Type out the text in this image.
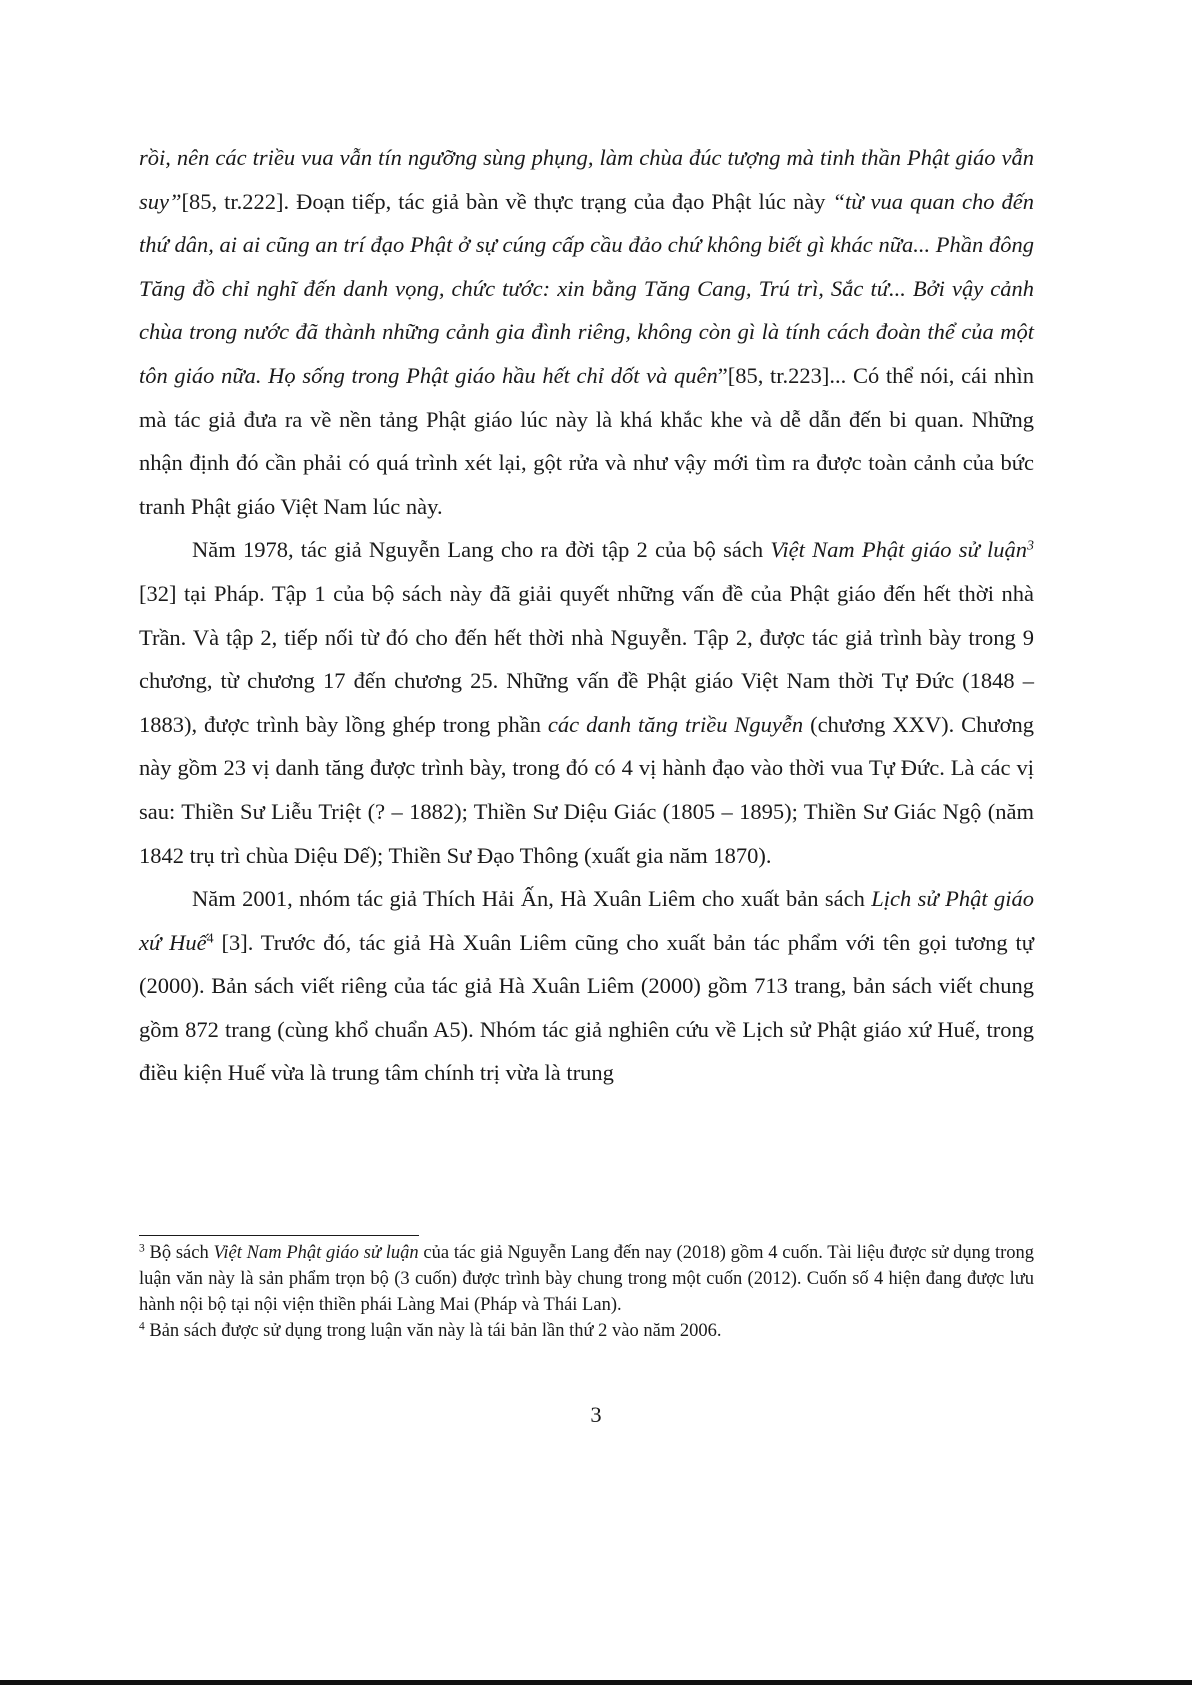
rồi, nên các triều vua vẫn tín ngưỡng sùng phụng, làm chùa đúc tượng mà tinh thần Phật giáo vẫn suy”[85, tr.222]. Đoạn tiếp, tác giả bàn về thực trạng của đạo Phật lúc này “từ vua quan cho đến thứ dân, ai ai cũng an trí đạo Phật ở sự cúng cấp cầu đảo chứ không biết gì khác nữa... Phần đông Tăng đồ chỉ nghĩ đến danh vọng, chức tước: xin bằng Tăng Cang, Trú trì, Sắc tứ... Bởi vậy cảnh chùa trong nước đã thành những cảnh gia đình riêng, không còn gì là tính cách đoàn thể của một tôn giáo nữa. Họ sống trong Phật giáo hầu hết chỉ dốt và quên”[85, tr.223]... Có thể nói, cái nhìn mà tác giả đưa ra về nền tảng Phật giáo lúc này là khá khắc khe và dễ dẫn đến bi quan. Những nhận định đó cần phải có quá trình xét lại, gột rửa và như vậy mới tìm ra được toàn cảnh của bức tranh Phật giáo Việt Nam lúc này.

Năm 1978, tác giả Nguyễn Lang cho ra đời tập 2 của bộ sách Việt Nam Phật giáo sử luận$^3$ [32] tại Pháp. Tập 1 của bộ sách này đã giải quyết những vấn đề của Phật giáo đến hết thời nhà Trần. Và tập 2, tiếp nối từ đó cho đến hết thời nhà Nguyễn. Tập 2, được tác giả trình bày trong 9 chương, từ chương 17 đến chương 25. Những vấn đề Phật giáo Việt Nam thời Tự Đức (1848 – 1883), được trình bày lồng ghép trong phần các danh tăng triều Nguyễn (chương XXV). Chương này gồm 23 vị danh tăng được trình bày, trong đó có 4 vị hành đạo vào thời vua Tự Đức. Là các vị sau: Thiền Sư Liễu Triệt (? – 1882); Thiền Sư Diệu Giác (1805 – 1895); Thiền Sư Giác Ngộ (năm 1842 trụ trì chùa Diệu Dế); Thiền Sư Đạo Thông (xuất gia năm 1870).

Năm 2001, nhóm tác giả Thích Hải Ấn, Hà Xuân Liêm cho xuất bản sách Lịch sử Phật giáo xứ Huế$^4$ [3]. Trước đó, tác giả Hà Xuân Liêm cũng cho xuất bản tác phẩm với tên gọi tương tự (2000). Bản sách viết riêng của tác giả Hà Xuân Liêm (2000) gồm 713 trang, bản sách viết chung gồm 872 trang (cùng khổ chuẩn A5). Nhóm tác giả nghiên cứu về Lịch sử Phật giáo xứ Huế, trong điều kiện Huế vừa là trung tâm chính trị vừa là trung

$^3$ Bộ sách Việt Nam Phật giáo sử luận của tác giả Nguyễn Lang đến nay (2018) gồm 4 cuốn. Tài liệu được sử dụng trong luận văn này là sản phẩm trọn bộ (3 cuốn) được trình bày chung trong một cuốn (2012). Cuốn số 4 hiện đang được lưu hành nội bộ tại nội viện thiền phái Làng Mai (Pháp và Thái Lan).

$^4$ Bản sách được sử dụng trong luận văn này là tái bản lần thứ 2 vào năm 2006.

3
